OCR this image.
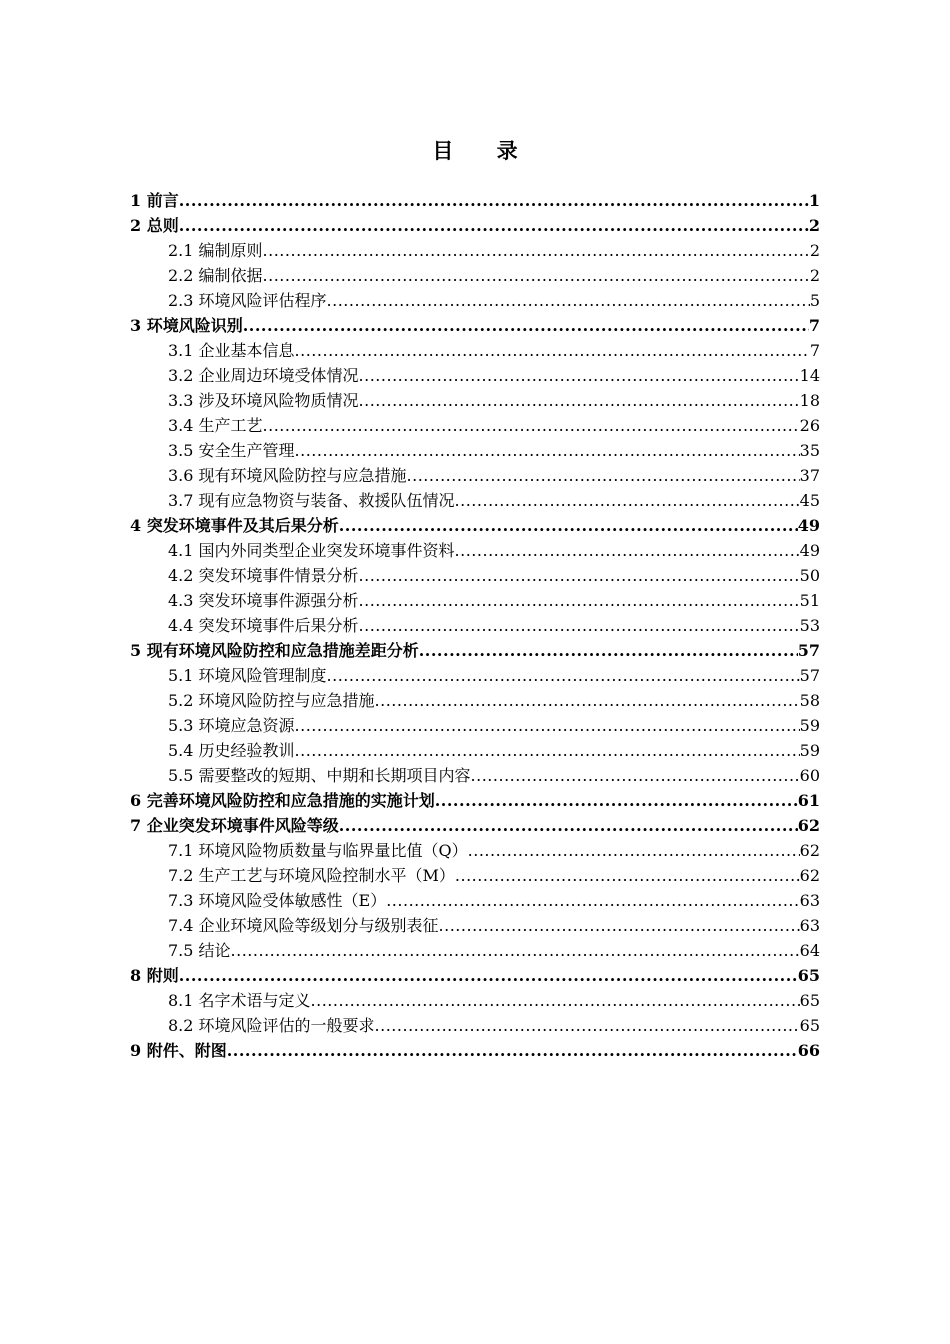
目 录
1 前言 .....	1
2 总则 .....	2
2.1 编制原则 .....	2
2.2 编制依据 .....	2
2.3 环境风险评估程序 .....	5
3 环境风险识别 .....	7
3.1 企业基本信息 .....	7
3.2 企业周边环境受体情况 .....	14
3.3 涉及环境风险物质情况 .....	18
3.4 生产工艺 .....	26
3.5 安全生产管理 .....	35
3.6 现有环境风险防控与应急措施 .....	37
3.7 现有应急物资与装备、救援队伍情况 .....	45
4 突发环境事件及其后果分析 .....	49
4.1 国内外同类型企业突发环境事件资料 .....	49
4.2 突发环境事件情景分析 .....	50
4.3 突发环境事件源强分析 .....	51
4.4 突发环境事件后果分析 .....	53
5 现有环境风险防控和应急措施差距分析 .....	57
5.1 环境风险管理制度 .....	57
5.2 环境风险防控与应急措施 .....	58
5.3 环境应急资源 .....	59
5.4 历史经验教训 .....	59
5.5 需要整改的短期、中期和长期项目内容 .....	60
6 完善环境风险防控和应急措施的实施计划 .....	61
7 企业突发环境事件风险等级 .....	62
7.1 环境风险物质数量与临界量比值（Q） .....	62
7.2 生产工艺与环境风险控制水平（M） .....	62
7.3 环境风险受体敏感性（E） .....	63
7.4 企业环境风险等级划分与级别表征 .....	63
7.5 结论 .....	64
8 附则 .....	65
8.1 名字术语与定义 .....	65
8.2 环境风险评估的一般要求 .....	65
9 附件、附图 .....	66
